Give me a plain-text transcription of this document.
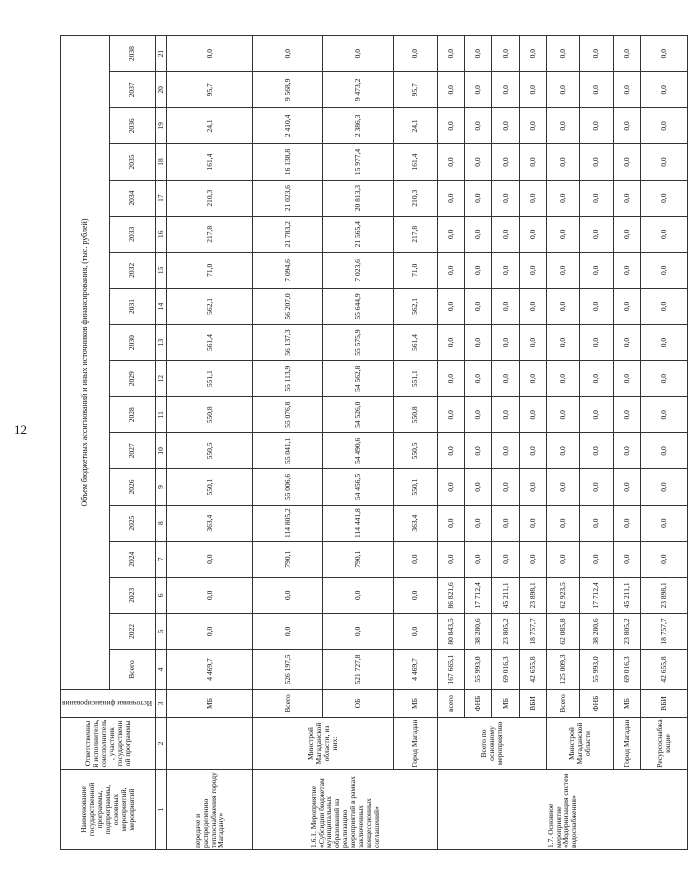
12
Наименование государственной программы, подпрограммы, основных мероприятий, мероприятий	Ответственный исполнитель, соисполнитель, участник государственной программы	Источники финансирования	Объем бюджетных ассигнований и иных источников финансирования, (тыс. рублей)																	
			Всего	2022	2023	2024	2025	2026	2027	2028	2029	2030	2031	2032	2033	2034	2035	2036	2037	2038
1	2	3	4	5	6	7	8	9	10	11	12	13	14	15	16	17	18	19	20	21
передаче и распределению теплоснабжения городу Магадану»		МБ	4 469,7	0,0	0,0	0,0	363,4	550,1	550,5	550,8	551,1	561,4	562,1	71,0	217,8	210,3	161,4	24,1	95,7	0,0
1.6.1. Мероприятие «Субсидии бюджетам муниципальных образований на реализацию мероприятий в рамках заключенных концессионных соглашений»	Минстрой Магаданской области, из них:	Всего	526 197,5	0,0	0,0	790,1	114 805,2	55 006,6	55 041,1	55 076,8	55 113,9	56 137,3	56 207,0	7 094,6	21 783,2	21 023,6	16 138,8	2 410,4	9 568,9	0,0
		ОБ	521 727,8	0,0	0,0	790,1	114 441,8	54 456,5	54 490,6	54 526,0	54 562,8	55 575,9	55 644,9	7 023,6	21 565,4	20 813,3	15 977,4	2 386,3	9 473,2	0,0
	Город Магадан	МБ	4 469,7	0,0	0,0	0,0	363,4	550,1	550,5	550,8	551,1	561,4	562,1	71,0	217,8	210,3	161,4	24,1	95,7	0,0
1.7. Основное мероприятие «Модернизация систем водоснабжения»	Всего по основному мероприятию	всего	167 665,1	80 843,5	86 821,6	0,0	0,0	0,0	0,0	0,0	0,0	0,0	0,0	0,0	0,0	0,0	0,0	0,0	0,0	0,0
		ФНБ	55 993,0	38 280,6	17 712,4	0,0	0,0	0,0	0,0	0,0	0,0	0,0	0,0	0,0	0,0	0,0	0,0	0,0	0,0	0,0
		МБ	69 016,3	23 805,2	45 211,1	0,0	0,0	0,0	0,0	0,0	0,0	0,0	0,0	0,0	0,0	0,0	0,0	0,0	0,0	0,0
		ВБИ	42 655,8	18 757,7	23 898,1	0,0	0,0	0,0	0,0	0,0	0,0	0,0	0,0	0,0	0,0	0,0	0,0	0,0	0,0	0,0
	Минстрой Магаданской области	Всего	125 009,3	62 085,8	62 923,5	0,0	0,0	0,0	0,0	0,0	0,0	0,0	0,0	0,0	0,0	0,0	0,0	0,0	0,0	0,0
		ФНБ	55 993,0	38 280,6	17 712,4	0,0	0,0	0,0	0,0	0,0	0,0	0,0	0,0	0,0	0,0	0,0	0,0	0,0	0,0	0,0
	Город Магадан	МБ	69 016,3	23 805,2	45 211,1	0,0	0,0	0,0	0,0	0,0	0,0	0,0	0,0	0,0	0,0	0,0	0,0	0,0	0,0	0,0
	Ресурсоснабжающие	ВБИ	42 655,8	18 757,7	23 898,1	0,0	0,0	0,0	0,0	0,0	0,0	0,0	0,0	0,0	0,0	0,0	0,0	0,0	0,0	0,0
